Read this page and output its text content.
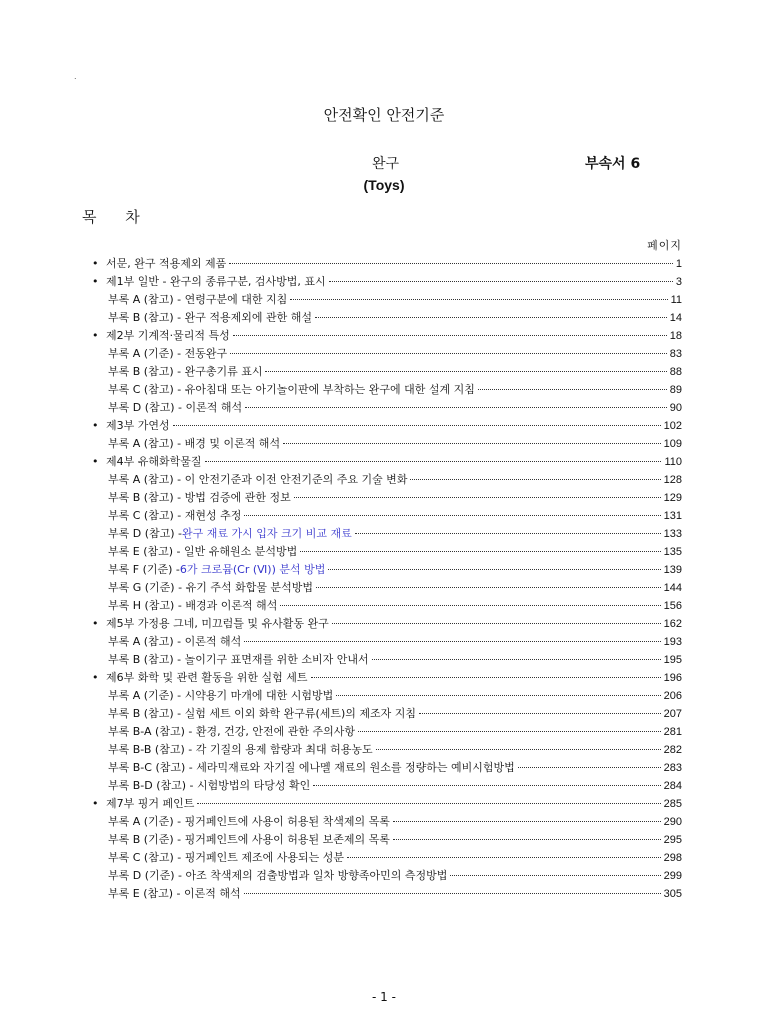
.
안전확인 안전기준
완구	부속서 6
(Toys)
목 차
페이지
• 서문, 완구 적용제외 제품	1
• 제1부 일반 - 완구의 종류구분, 검사방법, 표시	3
부록 A (참고) - 연령구분에 대한 지침	11
부록 B (참고) - 완구 적용제외에 관한 해설	14
• 제2부 기계적·물리적 특성	18
부록 A (기준) - 전동완구	83
부록 B (참고) - 완구총기류 표시	88
부록 C (참고) - 유아침대 또는 아기놀이판에 부착하는 완구에 대한 설계 지침	89
부록 D (참고) - 이론적 해석	90
• 제3부 가연성	102
부록 A (참고) - 배경 및 이론적 해석	109
• 제4부 유해화학물질	110
부록 A (참고) - 이 안전기준과 이전 안전기준의 주요 기술 변화	128
부록 B (참고) - 방법 검증에 관한 정보	129
부록 C (참고) - 재현성 추정	131
부록 D (참고) - 완구 재료 가시 입자 크기 비교 재료	133
부록 E (참고) - 일반 유해원소 분석방법	135
부록 F (기준) - 6가 크로뮴(Cr (Ⅵ)) 분석 방법	139
부록 G (기준) - 유기 주석 화합물 분석방법	144
부록 H (참고) - 배경과 이론적 해석	156
• 제5부 가정용 그네, 미끄럼틀 및 유사활동 완구	162
부록 A (참고) - 이론적 해석	193
부록 B (참고) - 놀이기구 표면재를 위한 소비자 안내서	195
• 제6부 화학 및 관련 활동을 위한 실험 세트	196
부록 A (기준) - 시약용기 마개에 대한 시험방법	206
부록 B (참고) - 실험 세트 이외 화학 완구류(세트)의 제조자 지침	207
부록 B-A (참고) - 환경, 건강, 안전에 관한 주의사항	281
부록 B-B (참고) - 각 기질의 용제 함량과 최대 허용농도	282
부록 B-C (참고) - 세라믹재료와 자기질 에나멜 재료의 원소를 정량하는 예비시험방법	283
부록 B-D (참고) - 시험방법의 타당성 확인	284
• 제7부 핑거 페인트	285
부록 A (기준) - 핑거페인트에 사용이 허용된 착색제의 목록	290
부록 B (기준) - 핑거페인트에 사용이 허용된 보존제의 목록	295
부록 C (참고) - 핑거페인트 제조에 사용되는 성분	298
부록 D (기준) - 아조 착색제의 검출방법과 일차 방향족아민의 측정방법	299
부록 E (참고) - 이론적 해석	305
- 1 -
